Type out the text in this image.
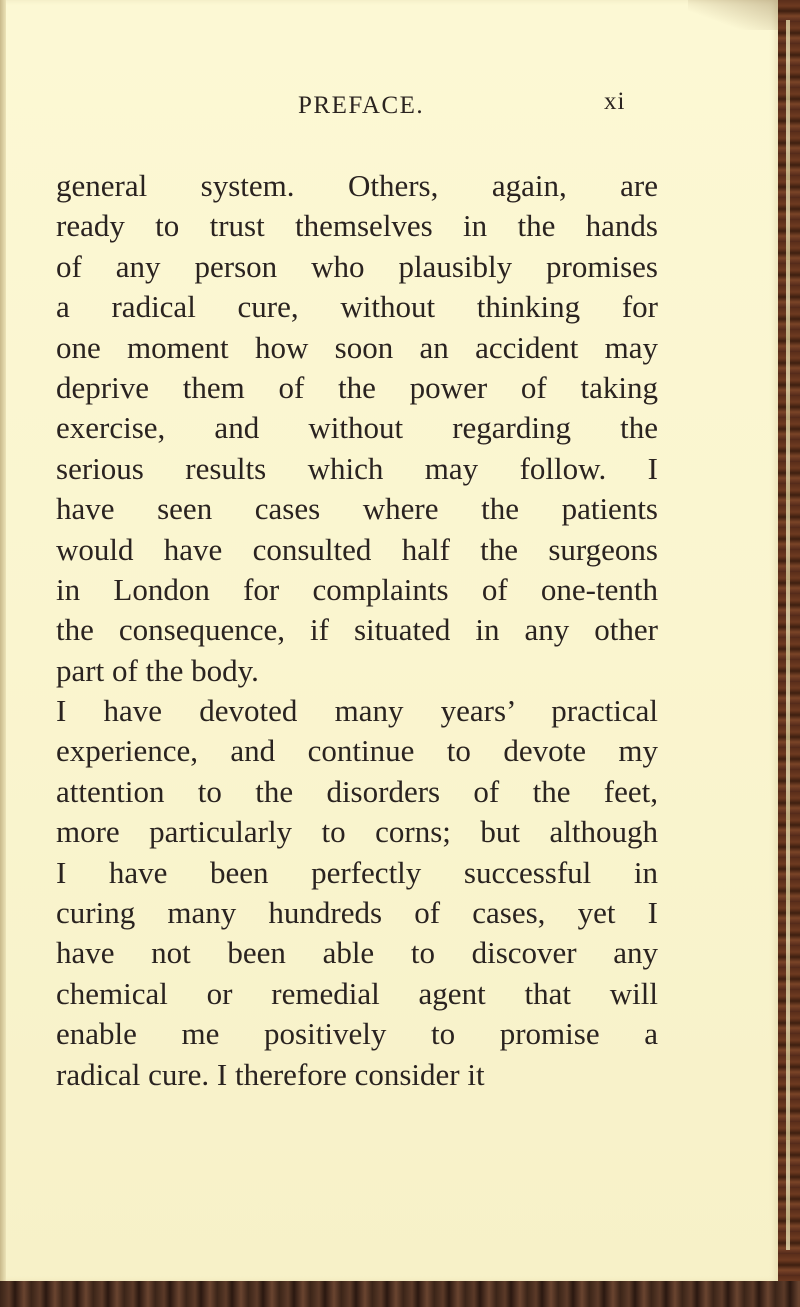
PREFACE.	xi
general system. Others, again, are
ready to trust themselves in the hands
of any person who plausibly promises
a radical cure, without thinking for
one moment how soon an accident may
deprive them of the power of taking
exercise, and without regarding the
serious results which may follow. I
have seen cases where the patients
would have consulted half the surgeons
in London for complaints of one-tenth
the consequence, if situated in any other
part of the body.
I have devoted many years’ practical
experience, and continue to devote my
attention to the disorders of the feet,
more particularly to corns; but although
I have been perfectly successful in
curing many hundreds of cases, yet I
have not been able to discover any
chemical or remedial agent that will
enable me positively to promise a
radical cure. I therefore consider it
